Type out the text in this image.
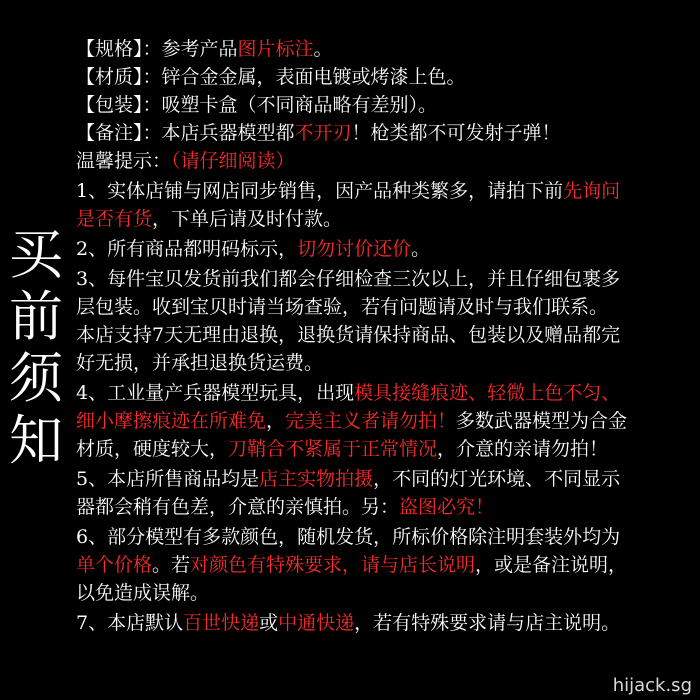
买
前
须
知
【规格】：参考产品图片标注。
【材质】：锌合金金属，表面电镀或烤漆上色。
【包装】：吸塑卡盒（不同商品略有差别）。
【备注】：本店兵器模型都不开刃！枪类都不可发射子弹！
温馨提示：（请仔细阅读）
1、实体店铺与网店同步销售，因产品种类繁多，请拍下前先询问
是否有货，下单后请及时付款。
2、所有商品都明码标示，切勿讨价还价。
3、每件宝贝发货前我们都会仔细检查三次以上，并且仔细包裹多
层包装。收到宝贝时请当场查验，若有问题请及时与我们联系。
本店支持7天无理由退换，退换货请保持商品、包装以及赠品都完
好无损，并承担退换货运费。
4、工业量产兵器模型玩具，出现模具接缝痕迹、轻微上色不匀、
细小摩擦痕迹在所难免，完美主义者请勿拍！多数武器模型为合金
材质，硬度较大，刀鞘合不紧属于正常情况，介意的亲请勿拍！
5、本店所售商品均是店主实物拍摄，不同的灯光环境、不同显示
器都会稍有色差，介意的亲慎拍。另：盗图必究！
6、部分模型有多款颜色，随机发货，所标价格除注明套装外均为
单个价格。若对颜色有特殊要求，请与店长说明，或是备注说明，
以免造成误解。
7、本店默认百世快递或中通快递，若有特殊要求请与店主说明。
hijack.sg
